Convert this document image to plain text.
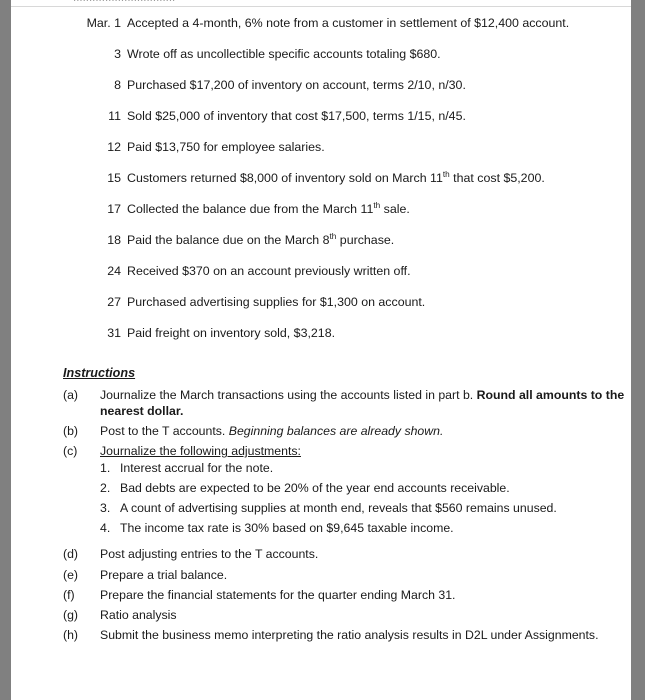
Mar. 1 Accepted a 4-month, 6% note from a customer in settlement of $12,400 account.
3 Wrote off as uncollectible specific accounts totaling $680.
8 Purchased $17,200 of inventory on account, terms 2/10, n/30.
11 Sold $25,000 of inventory that cost $17,500, terms 1/15, n/45.
12 Paid $13,750 for employee salaries.
15 Customers returned $8,000 of inventory sold on March 11th that cost $5,200.
17 Collected the balance due from the March 11th sale.
18 Paid the balance due on the March 8th purchase.
24 Received $370 on an account previously written off.
27 Purchased advertising supplies for $1,300 on account.
31 Paid freight on inventory sold, $3,218.
Instructions
(a)	Journalize the March transactions using the accounts listed in part b. Round all amounts to the nearest dollar.
(b)	Post to the T accounts. Beginning balances are already shown.
(c)	Journalize the following adjustments:
1. Interest accrual for the note.
2. Bad debts are expected to be 20% of the year end accounts receivable.
3. A count of advertising supplies at month end, reveals that $560 remains unused.
4. The income tax rate is 30% based on $9,645 taxable income.
(d)	Post adjusting entries to the T accounts.
(e)	Prepare a trial balance.
(f)	Prepare the financial statements for the quarter ending March 31.
(g)	Ratio analysis
(h)	Submit the business memo interpreting the ratio analysis results in D2L under Assignments.
